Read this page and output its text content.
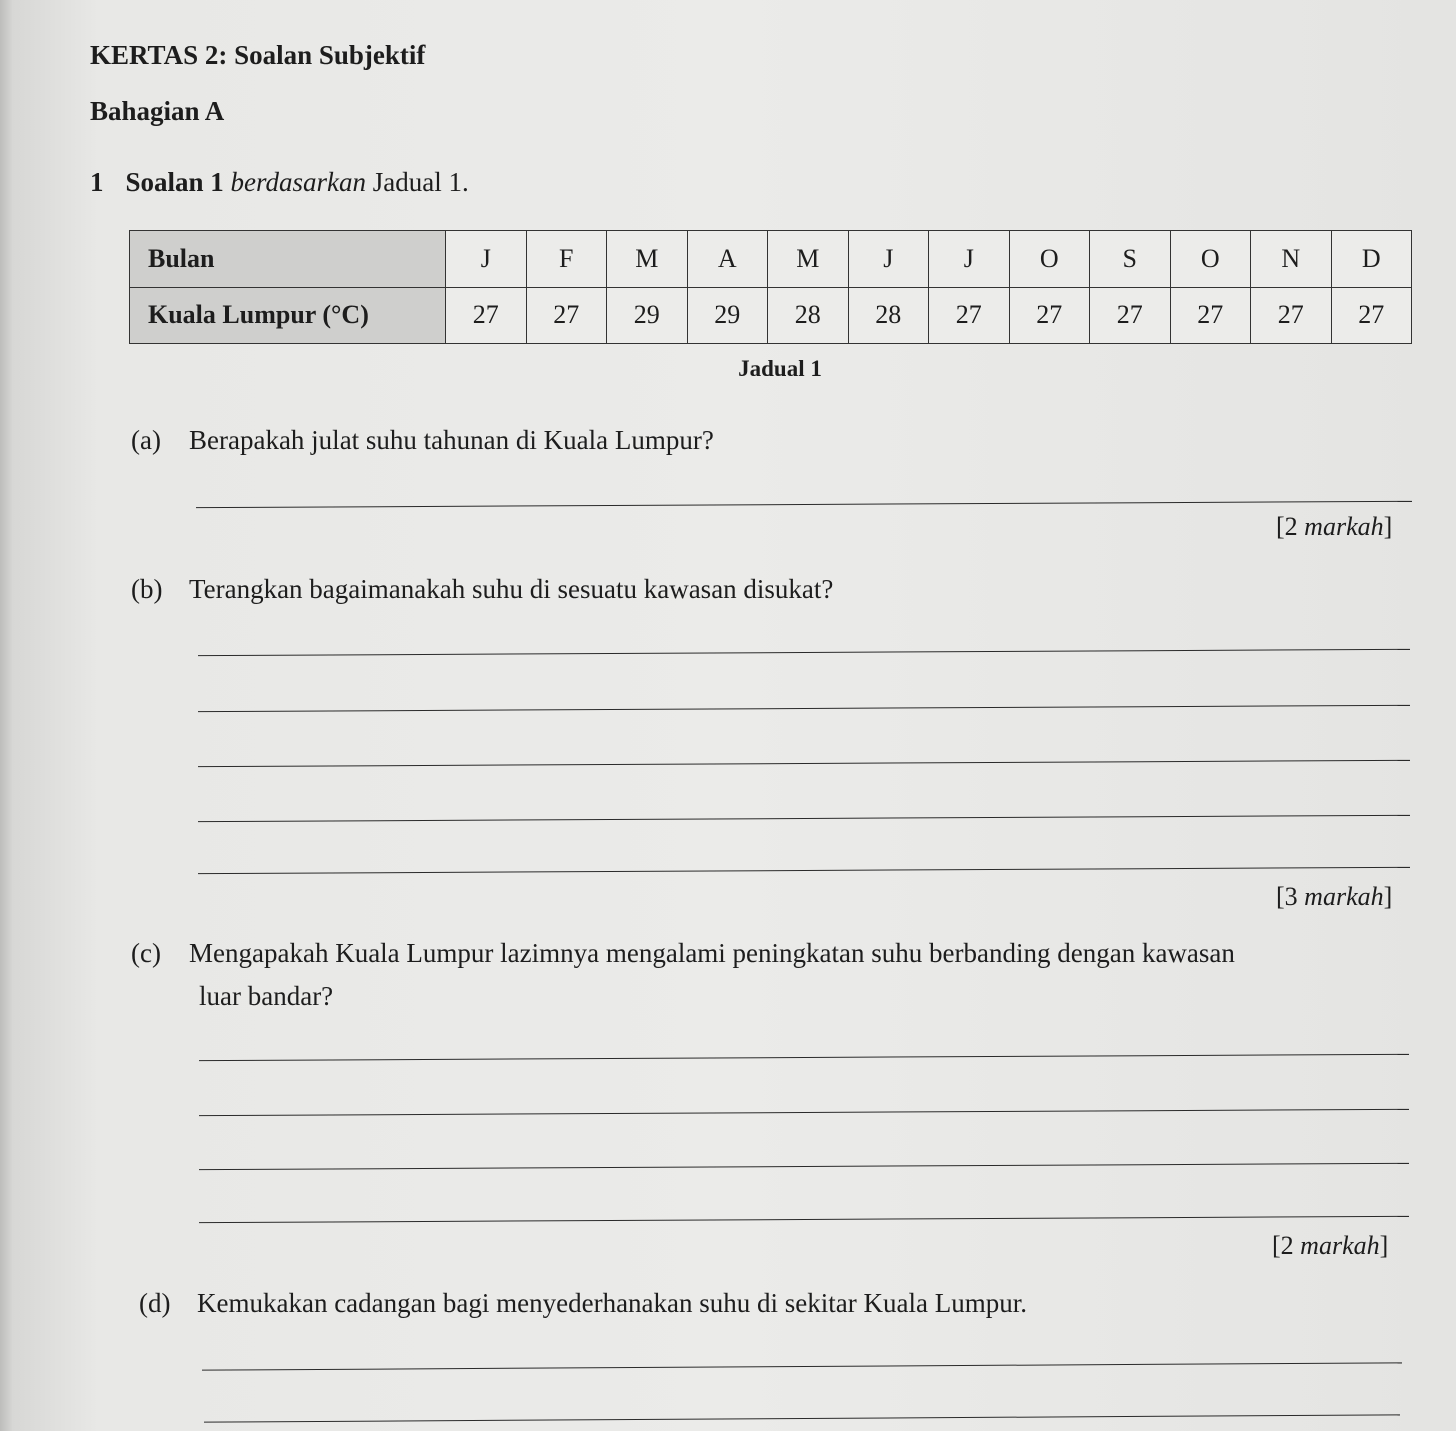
KERTAS 2: Soalan Subjektif
Bahagian A
1 Soalan 1 berdasarkan Jadual 1.
Bulan	J	F	M	A	M	J	J	O	S	O	N	D
Kuala Lumpur (°C)	27	27	29	29	28	28	27	27	27	27	27	27
Jadual 1
(a) Berapakah julat suhu tahunan di Kuala Lumpur?
[2 markah]
(b) Terangkan bagaimanakah suhu di sesuatu kawasan disukat?
[3 markah]
(c) Mengapakah Kuala Lumpur lazimnya mengalami peningkatan suhu berbanding dengan kawasan
luar bandar?
[2 markah]
(d) Kemukakan cadangan bagi menyederhanakan suhu di sekitar Kuala Lumpur.
